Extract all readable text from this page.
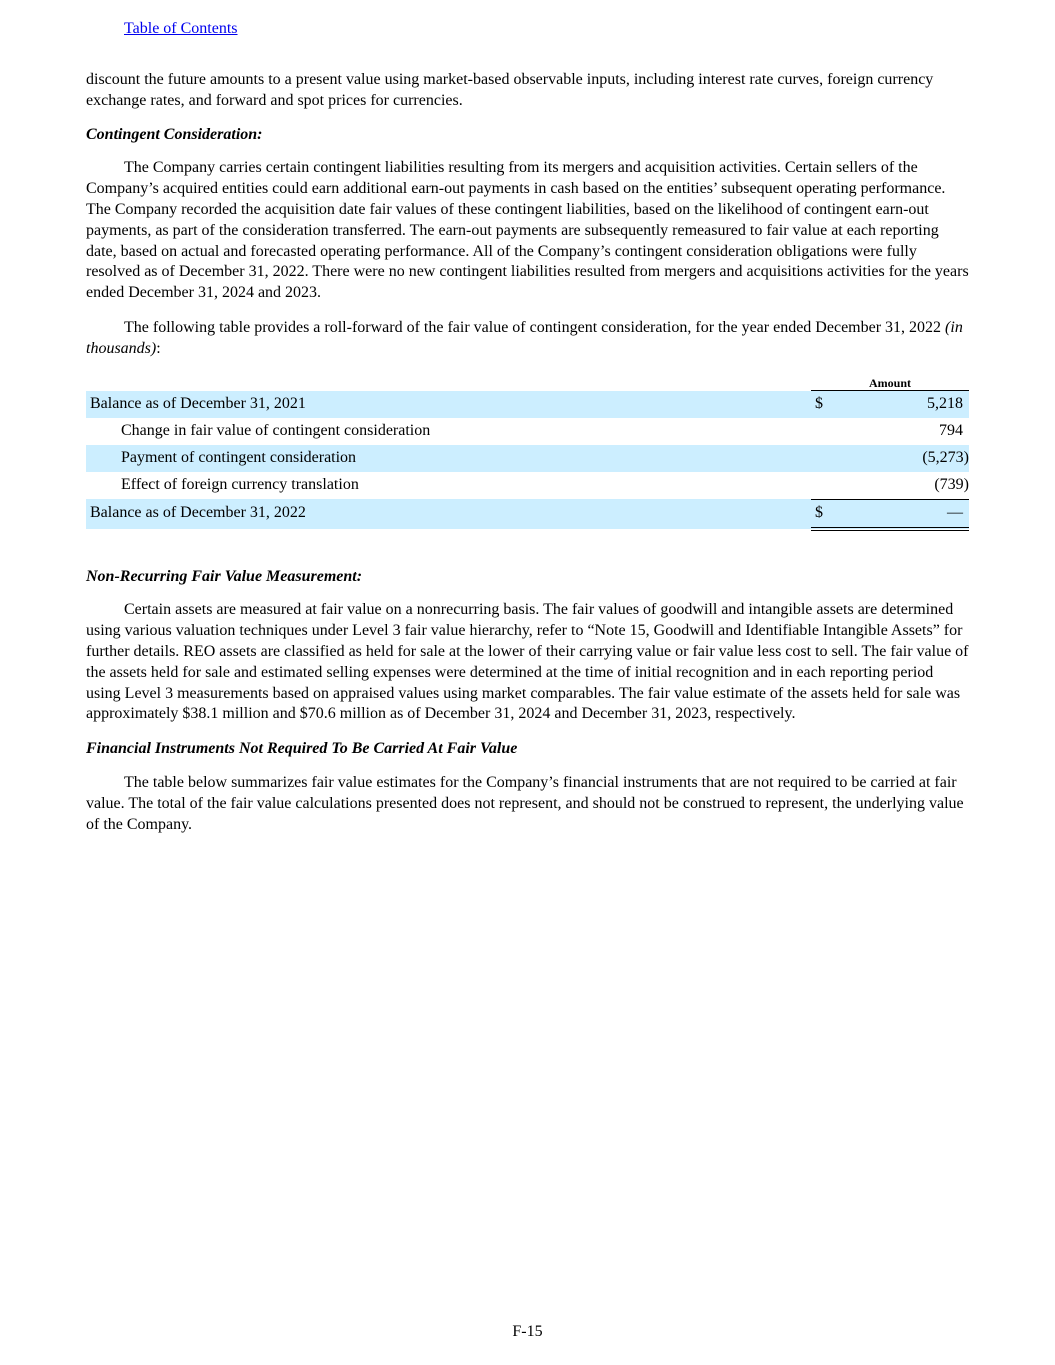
Table of Contents

discount the future amounts to a present value using market-based observable inputs, including interest rate curves, foreign currency exchange rates, and forward and spot prices for currencies.

Contingent Consideration:

The Company carries certain contingent liabilities resulting from its mergers and acquisition activities. Certain sellers of the Company’s acquired entities could earn additional earn-out payments in cash based on the entities’ subsequent operating performance. The Company recorded the acquisition date fair values of these contingent liabilities, based on the likelihood of contingent earn-out payments, as part of the consideration transferred. The earn-out payments are subsequently remeasured to fair value at each reporting date, based on actual and forecasted operating performance. All of the Company’s contingent consideration obligations were fully resolved as of December 31, 2022. There were no new contingent liabilities resulted from mergers and acquisitions activities for the years ended December 31, 2024 and 2023.

The following table provides a roll-forward of the fair value of contingent consideration, for the year ended December 31, 2022 (in thousands):

Amount
Balance as of December 31, 2021		$	5,218
Change in fair value of contingent consideration			794
Payment of contingent consideration			(5,273)
Effect of foreign currency translation			(739)
Balance as of December 31, 2022		$	—

Non-Recurring Fair Value Measurement:

Certain assets are measured at fair value on a nonrecurring basis. The fair values of goodwill and intangible assets are determined using various valuation techniques under Level 3 fair value hierarchy, refer to “Note 15, Goodwill and Identifiable Intangible Assets” for further details. REO assets are classified as held for sale at the lower of their carrying value or fair value less cost to sell. The fair value of the assets held for sale and estimated selling expenses were determined at the time of initial recognition and in each reporting period using Level 3 measurements based on appraised values using market comparables. The fair value estimate of the assets held for sale was approximately $38.1 million and $70.6 million as of December 31, 2024 and December 31, 2023, respectively.

Financial Instruments Not Required To Be Carried At Fair Value

The table below summarizes fair value estimates for the Company’s financial instruments that are not required to be carried at fair value. The total of the fair value calculations presented does not represent, and should not be construed to represent, the underlying value of the Company.

F-15
